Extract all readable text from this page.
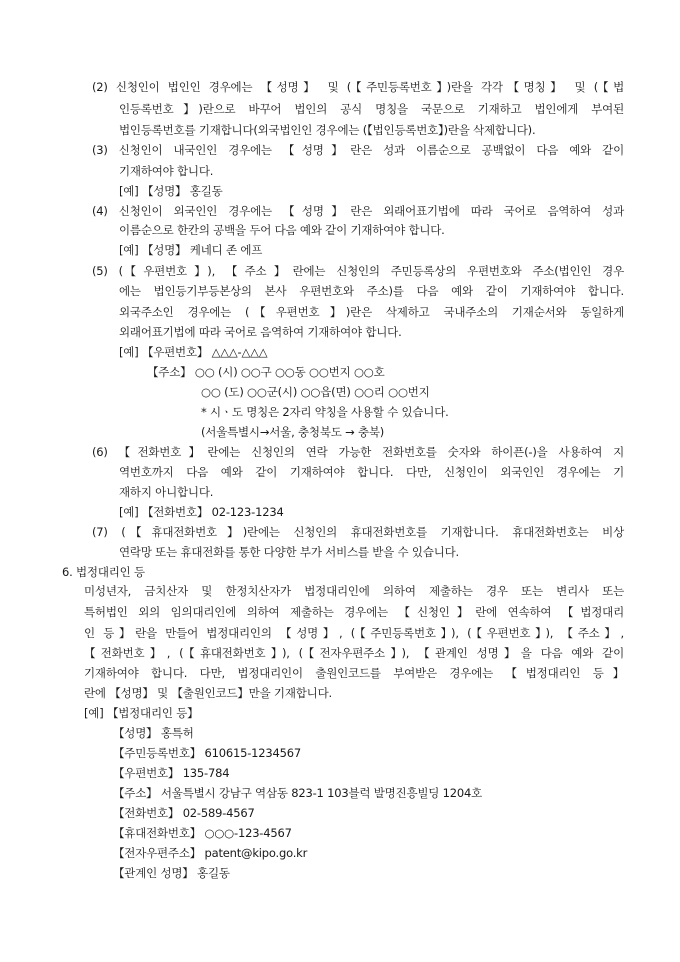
(2) 신청인이 법인인 경우에는 【성명】 및 (【주민등록번호】)란을 각각【명칭】 및 (【법
인등록번호】)란으로 바꾸어 법인의 공식 명칭을 국문으로 기재하고 법인에게 부여된
법인등록번호를 기재합니다(외국법인인 경우에는 (【법인등록번호】)란을 삭제합니다).
(3) 신청인이 내국인인 경우에는 【성명】란은 성과 이름순으로 공백없이 다음 예와 같이
기재하여야 합니다.
[예] 【성명】 홍길동
(4) 신청인이 외국인인 경우에는 【성명】란은 외래어표기법에 따라 국어로 음역하여 성과
이름순으로 한칸의 공백을 두어 다음 예와 같이 기재하여야 합니다.
[예] 【성명】 케네디 존 에프
(5) (【우편번호】), 【주소】란에는 신청인의 주민등록상의 우편번호와 주소(법인인 경우
에는 법인등기부등본상의 본사 우편번호와 주소)를 다음 예와 같이 기재하여야 합니다.
외국주소인 경우에는 (【우편번호】)란은 삭제하고 국내주소의 기재순서와 동일하게
외래어표기법에 따라 국어로 음역하여 기재하여야 합니다.
[예] 【우편번호】 △△△-△△△
【주소】 ○○ (시) ○○구 ○○동 ○○번지 ○○호
○○ (도) ○○군(시) ○○읍(면) ○○리 ○○번지
* 시ㆍ도 명칭은 2자리 약칭을 사용할 수 있습니다.
(서울특별시→서울, 충청북도 → 충북)
(6) 【전화번호】란에는 신청인의 연락 가능한 전화번호를 숫자와 하이픈(-)을 사용하여 지
역번호까지 다음 예와 같이 기재하여야 합니다. 다만, 신청인이 외국인인 경우에는 기
재하지 아니합니다.
[예] 【전화번호】 02-123-1234
(7) (【휴대전화번호】)란에는 신청인의 휴대전화번호를 기재합니다. 휴대전화번호는 비상
연락망 또는 휴대전화를 통한 다양한 부가 서비스를 받을 수 있습니다.
6. 법정대리인 등
미성년자, 금치산자 및 한정치산자가 법정대리인에 의하여 제출하는 경우 또는 변리사 또는
특허법인 외의 임의대리인에 의하여 제출하는 경우에는 【신청인】란에 연속하여 【법정대리
인 등】란을 만들어 법정대리인의 【성명】, (【주민등록번호】), (【우편번호】), 【주소】,
【전화번호】, (【휴대전화번호】), (【전자우편주소】), 【관계인 성명】을 다음 예와 같이
기재하여야 합니다. 다만, 법정대리인이 출원인코드를 부여받은 경우에는 【법정대리인 등】
란에 【성명】 및 【출원인코드】만을 기재합니다.
[예] 【법정대리인 등】
【성명】 홍특허
【주민등록번호】 610615-1234567
【우편번호】 135-784
【주소】 서울특별시 강남구 역삼동 823-1 103블럭 발명진흥빌딩 1204호
【전화번호】 02-589-4567
【휴대전화번호】 ○○○-123-4567
【전자우편주소】 patent@kipo.go.kr
【관계인 성명】 홍길동
